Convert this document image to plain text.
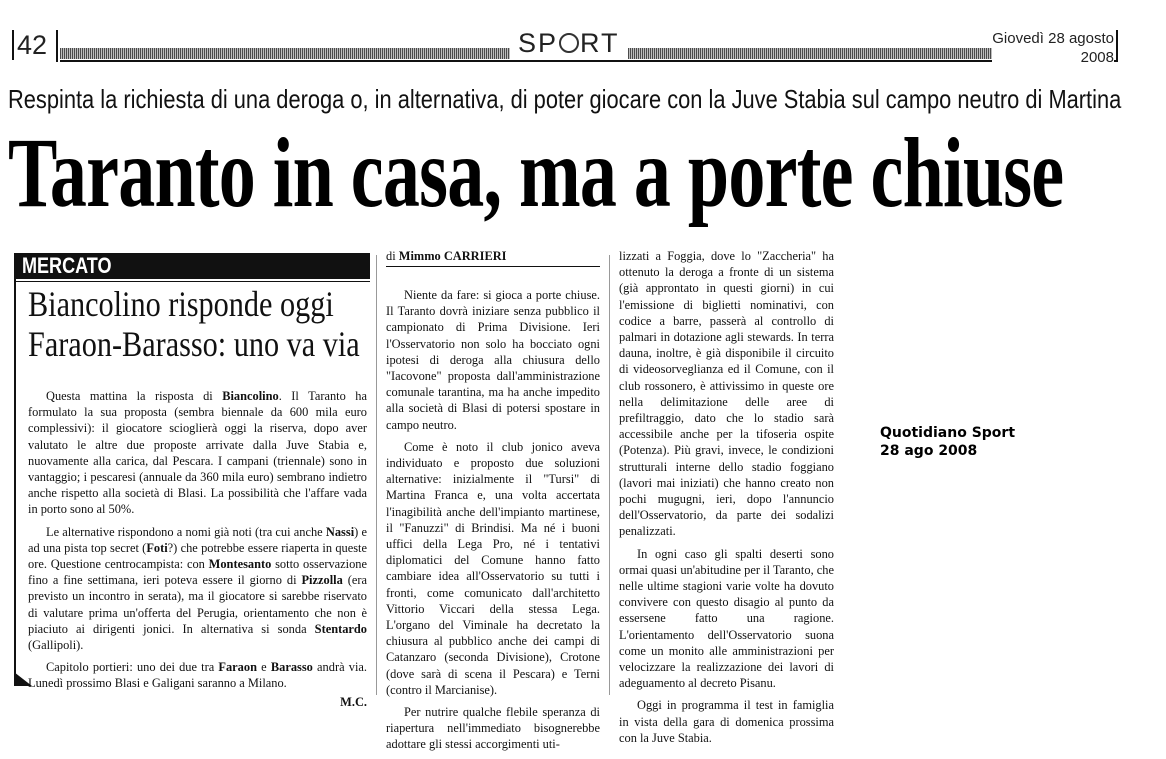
42	SP RT	Giovedì 28 agosto
2008
Respinta la richiesta di una deroga o, in alternativa, di poter giocare con la Juve Stabia sul campo neutro di Martina
Taranto in casa, ma a porte chiuse
MERCATO
Biancolino risponde oggi
Faraon-Barasso: uno va via

Questa mattina la risposta di Biancolino. Il Taranto ha formulato la sua proposta (sembra biennale da 600 mila euro complessivi): il giocatore scioglierà oggi la riserva, dopo aver valutato le altre due proposte arrivate dalla Juve Stabia e, nuovamente alla carica, dal Pescara. I campani (triennale) sono in vantaggio; i pescaresi (annuale da 360 mila euro) sembrano indietro anche rispetto alla società di Blasi. La possibilità che l'affare vada in porto sono al 50%.

Le alternative rispondono a nomi già noti (tra cui anche Nassi) e ad una pista top secret (Foti?) che potrebbe essere riaperta in queste ore. Questione centrocampista: con Montesanto sotto osservazione fino a fine settimana, ieri poteva essere il giorno di Pizzolla (era previsto un incontro in serata), ma il giocatore si sarebbe riservato di valutare prima un'offerta del Perugia, orientamento che non è piaciuto ai dirigenti jonici. In alternativa si sonda Stentardo (Gallipoli).

Capitolo portieri: uno dei due tra Faraon e Barasso andrà via. Lunedì prossimo Blasi e Galigani saranno a Milano.

M.C.
di Mimmo CARRIERI

Niente da fare: si gioca a porte chiuse. Il Taranto dovrà iniziare senza pubblico il campionato di Prima Divisione. Ieri l'Osservatorio non solo ha bocciato ogni ipotesi di deroga alla chiusura dello "Iacovone" proposta dall'amministrazione comunale tarantina, ma ha anche impedito alla società di Blasi di potersi spostare in campo neutro.

Come è noto il club jonico aveva individuato e proposto due soluzioni alternative: inizialmente il "Tursi" di Martina Franca e, una volta accertata l'inagibilità anche dell'impianto martinese, il "Fanuzzi" di Brindisi. Ma né i buoni uffici della Lega Pro, né i tentativi diplomatici del Comune hanno fatto cambiare idea all'Osservatorio su tutti i fronti, come comunicato dall'architetto Vittorio Viccari della stessa Lega. L'organo del Viminale ha decretato la chiusura al pubblico anche dei campi di Catanzaro (seconda Divisione), Crotone (dove sarà di scena il Pescara) e Terni (contro il Marcianise).

Per nutrire qualche flebile speranza di riapertura nell'immediato bisognerebbe adottare gli stessi accorgimenti uti-

lizzati a Foggia, dove lo "Zaccheria" ha ottenuto la deroga a fronte di un sistema (già approntato in questi giorni) in cui l'emissione di biglietti nominativi, con codice a barre, passerà al controllo di palmari in dotazione agli stewards. In terra dauna, inoltre, è già disponibile il circuito di videosorveglianza ed il Comune, con il club rossonero, è attivissimo in queste ore nella delimitazione delle aree di prefiltraggio, dato che lo stadio sarà accessibile anche per la tifoseria ospite (Potenza). Più gravi, invece, le condizioni strutturali interne dello stadio foggiano (lavori mai iniziati) che hanno creato non pochi mugugni, ieri, dopo l'annuncio dell'Osservatorio, da parte dei sodalizi penalizzati.

In ogni caso gli spalti deserti sono ormai quasi un'abitudine per il Taranto, che nelle ultime stagioni varie volte ha dovuto convivere con questo disagio al punto da essersene fatto una ragione. L'orientamento dell'Osservatorio suona come un monito alle amministrazioni per velocizzare la realizzazione dei lavori di adeguamento al decreto Pisanu.

Oggi in programma il test in famiglia in vista della gara di domenica prossima con la Juve Stabia.

Quotidiano Sport
28 ago 2008
